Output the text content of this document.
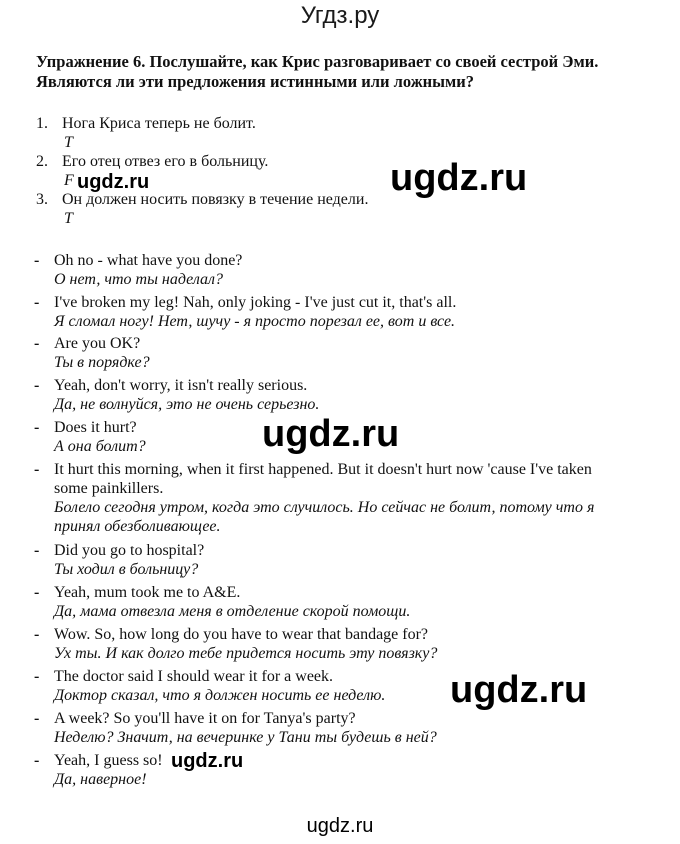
Угдз.ру
Упражнение 6. Послушайте, как Крис разговаривает со своей сестрой Эми. Являются ли эти предложения истинными или ложными?
1. Нога Криса теперь не болит.
T
2. Его отец отвез его в больницу.
F
3. Он должен носить повязку в течение недели.
T
- Oh no - what have you done?
О нет, что ты наделал?
- I've broken my leg! Nah, only joking - I've just cut it, that's all.
Я сломал ногу! Нет, шучу - я просто порезал ее, вот и все.
- Are you OK?
Ты в порядке?
- Yeah, don't worry, it isn't really serious.
Да, не волнуйся, это не очень серьезно.
- Does it hurt?
А она болит?
- It hurt this morning, when it first happened. But it doesn't hurt now 'cause I've taken some painkillers.
Болело сегодня утром, когда это случилось. Но сейчас не болит, потому что я принял обезболивающее.
- Did you go to hospital?
Ты ходил в больницу?
- Yeah, mum took me to A&E.
Да, мама отвезла меня в отделение скорой помощи.
- Wow. So, how long do you have to wear that bandage for?
Ух ты. И как долго тебе придется носить эту повязку?
- The doctor said I should wear it for a week.
Доктор сказал, что я должен носить ее неделю.
- A week? So you'll have it on for Tanya's party?
Неделю? Значит, на вечеринке у Тани ты будешь в ней?
- Yeah, I guess so!
Да, наверное!
ugdz.ru	ugdz.ru
ugdz.ru
ugdz.ru
ugdz.ru
ugdz.ru
